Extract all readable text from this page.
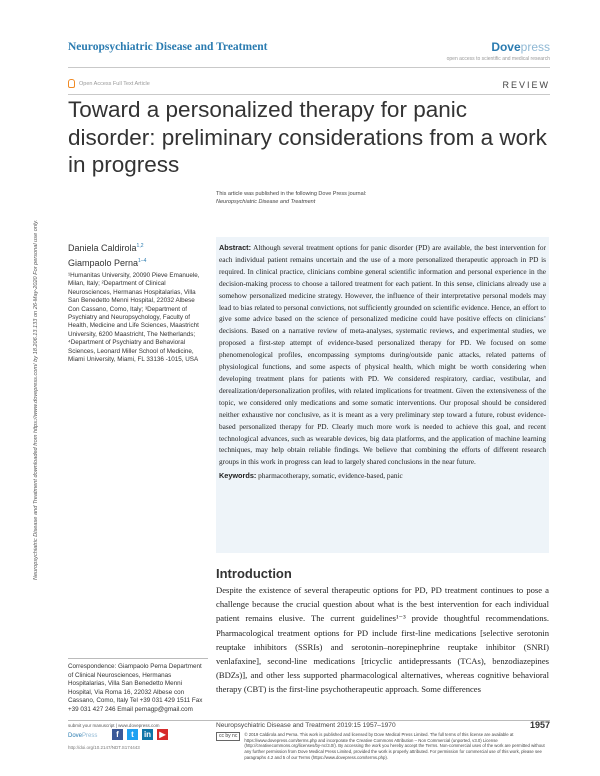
Neuropsychiatric Disease and Treatment	Dovepress
open access to scientific and medical research
Open Access Full Text Article	REVIEW
Toward a personalized therapy for panic disorder: preliminary considerations from a work in progress
Neuropsychiatric Disease and Treatment downloaded from https://www.dovepress.com/ by 18.206.13.133 on 26-May-2020 For personal use only.
This article was published in the following Dove Press journal:
Neuropsychiatric Disease and Treatment
Daniela Caldirola$^{1,2}$
Giampaolo Perna$^{1-4}$
¹Humanitas University, 20090 Pieve Emanuele, Milan, Italy; ²Department of Clinical Neurosciences, Hermanas Hospitalarias, Villa San Benedetto Menni Hospital, 22032 Albese Con Cassano, Como, Italy; ³Department of Psychiatry and Neuropsychology, Faculty of Health, Medicine and Life Sciences, Maastricht University, 6200 Maastricht, The Netherlands; ⁴Department of Psychiatry and Behavioral Sciences, Leonard Miller School of Medicine, Miami University, Miami, FL 33136 -1015, USA

Abstract: Although several treatment options for panic disorder (PD) are available, the best intervention for each individual patient remains uncertain and the use of a more personalized therapeutic approach in PD is required. In clinical practice, clinicians combine general scientific information and personal experience in the decision-making process to choose a tailored treatment for each patient. In this sense, clinicians already use a somehow personalized medicine strategy. However, the influence of their interpretative personal models may lead to bias related to personal convictions, not sufficiently grounded on scientific evidence. Hence, an effort to give some advice based on the science of personalized medicine could have positive effects on clinicians’ decisions. Based on a narrative review of meta-analyses, systematic reviews, and experimental studies, we proposed a first-step attempt of evidence-based personalized therapy for PD. We focused on some phenomenological profiles, encompassing symptoms during/outside panic attacks, related patterns of physiological functions, and some aspects of physical health, which might be worth considering when developing treatment plans for patients with PD. We considered respiratory, cardiac, vestibular, and derealization/depersonalization profiles, with related implications for treatment. Given the extensiveness of the topic, we considered only medications and some somatic interventions. Our proposal should be considered neither exhaustive nor conclusive, as it is meant as a very preliminary step toward a future, robust evidence-based personalized therapy for PD. Clearly much more work is needed to achieve this goal, and recent technological advances, such as wearable devices, big data platforms, and the application of machine learning techniques, may help obtain reliable findings. We believe that combining the efforts of different research groups in this work in progress can lead to largely shared conclusions in the near future.

Keywords: pharmacotherapy, somatic, evidence-based, panic

Introduction

Despite the existence of several therapeutic options for PD, PD treatment continues to pose a challenge because the crucial question about what is the best intervention for each individual patient remains elusive. The current guidelines¹⁻³ provide thoughtful recommendations. Pharmacological treatment options for PD include first-line medications [selective serotonin reuptake inhibitors (SSRIs) and serotonin–norepinephrine reuptake inhibitor (SNRI) venlafaxine], second-line medications [tricyclic antidepressants (TCAs), benzodiazepines (BDZs)], and other less supported pharmacological alternatives, whereas cognitive behavioral therapy (CBT) is the first-line psychotherapeutic approach. Some differences

Correspondence: Giampaolo Perna Department of Clinical Neurosciences, Hermanas Hospitalarias, Villa San Benedetto Menni Hospital, Via Roma 16, 22032 Albese con Cassano, Como, Italy Tel +39 031 429 1511 Fax +39 031 427 246 Email pernagp@gmail.com
submit your manuscript | www.dovepress.com
DovePress	f	t	in	▶
http://doi.org/10.2147/NDT.S174443
Neuropsychiatric Disease and Treatment 2019:15 1957–1970	1957
cc by nc	© 2019 Caldirola and Perna. This work is published and licensed by Dove Medical Press Limited. The full terms of this license are available at https://www.dovepress.com/terms.php and incorporate the Creative Commons Attribution – Non Commercial (unported, v3.0) License (http://creativecommons.org/licenses/by-nc/3.0/). By accessing the work you hereby accept the Terms. Non-commercial uses of the work are permitted without any further permission from Dove Medical Press Limited, provided the work is properly attributed. For permission for commercial use of this work, please see paragraphs 4.2 and 5 of our Terms (https://www.dovepress.com/terms.php).
